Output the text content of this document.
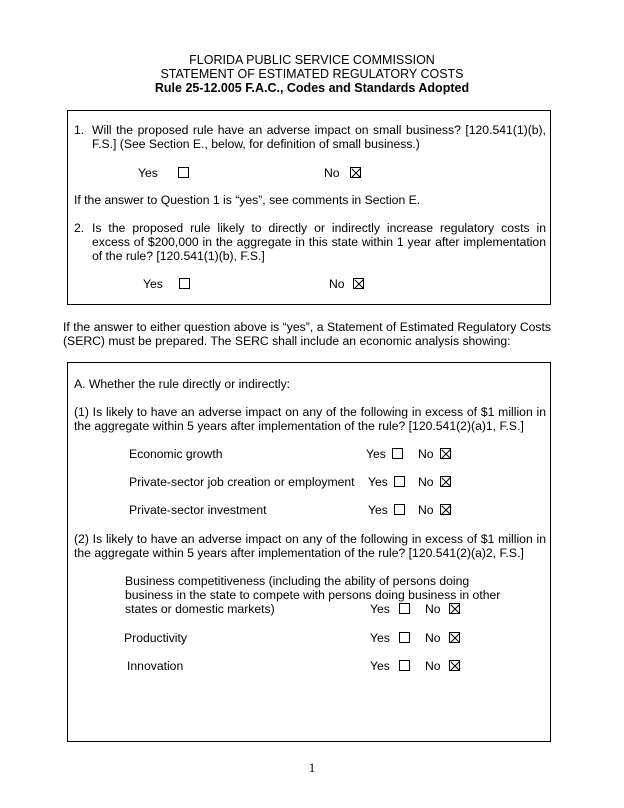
FLORIDA PUBLIC SERVICE COMMISSION
STATEMENT OF ESTIMATED REGULATORY COSTS
Rule 25-12.005 F.A.C., Codes and Standards Adopted
1. Will the proposed rule have an adverse impact on small business? [120.541(1)(b),
F.S.] (See Section E., below, for definition of small business.)
Yes	No
If the answer to Question 1 is “yes”, see comments in Section E.
2. Is the proposed rule likely to directly or indirectly increase regulatory costs in
excess of $200,000 in the aggregate in this state within 1 year after implementation
of the rule? [120.541(1)(b), F.S.]
Yes	No
If the answer to either question above is “yes”, a Statement of Estimated Regulatory Costs
(SERC) must be prepared. The SERC shall include an economic analysis showing:
A. Whether the rule directly or indirectly:
(1) Is likely to have an adverse impact on any of the following in excess of $1 million in
the aggregate within 5 years after implementation of the rule? [120.541(2)(a)1, F.S.]
Economic growth	Yes	No
Private-sector job creation or employment Yes No
Private-sector investment	Yes No
(2) Is likely to have an adverse impact on any of the following in excess of $1 million in
the aggregate within 5 years after implementation of the rule? [120.541(2)(a)2, F.S.]
Business competitiveness (including the ability of persons doing
business in the state to compete with persons doing business in other
states or domestic markets)	Yes	No
Productivity	Yes	No
Innovation	Yes	No
1
